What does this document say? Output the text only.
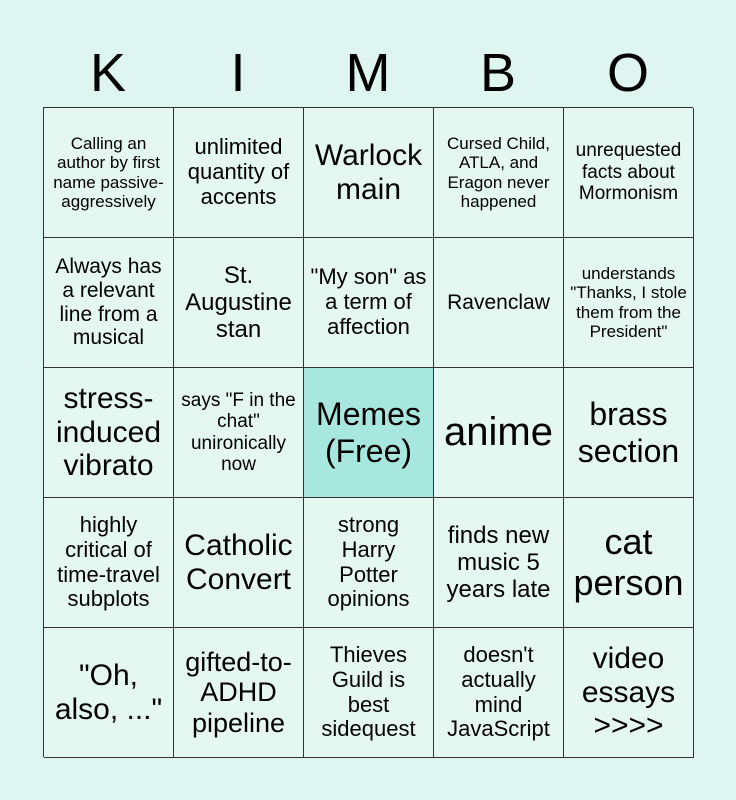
K	I	M	B	O
Calling an author by first name passive-aggressively
unlimited quantity of accents
Warlock main
Cursed Child, ATLA, and Eragon never happened
unrequested facts about Mormonism
Always has a relevant line from a musical
St. Augustine stan
"My son" as a term of affection
Ravenclaw
understands "Thanks, I stole them from the President"
stress-induced vibrato
says "F in the chat" unironically now
Memes (Free) anime	brass section
highly critical of time-travel subplots
Catholic Convert
strong Harry Potter opinions
finds new music 5 years late
cat person
"Oh, also, ..."
gifted-to-ADHD pipeline
Thieves Guild is best sidequest
doesn't actually mind JavaScript
video essays >>>>
